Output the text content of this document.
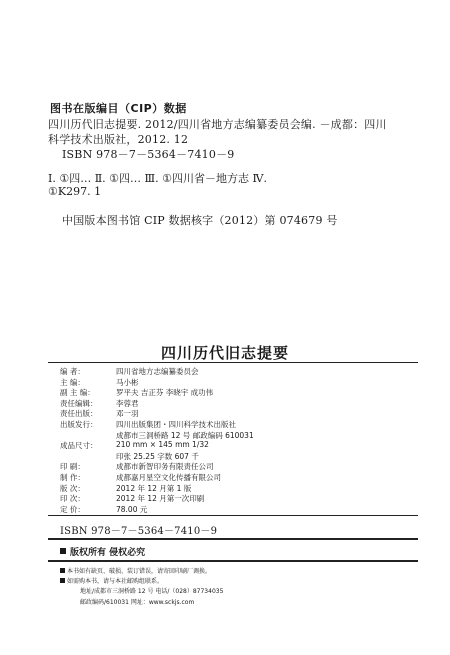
图书在版编目（CIP）数据
四川历代旧志提要. 2012/四川省地方志编纂委员会编. －成都：四川
科学技术出版社，2012. 12
ISBN 978－7－5364－7410－9
Ⅰ. ①四… Ⅱ. ①四… Ⅲ. ①四川省－地方志 Ⅳ.
①K297. 1
中国版本图书馆 CIP 数据核字（2012）第 074679 号
四川历代旧志提要
编 者：	四川省地方志编纂委员会
主 编：	马小彬
副 主 编：	罗平夫 吉正芬 李晓宇 成功伟
责任编辑： 李蓉君
责任出版： 邓一羽
出版发行： 四川出版集团・四川科学技术出版社
成都市三洞桥路 12 号 邮政编码 610031
成品尺寸： 210 mm × 145 mm 1/32
印张 25.25 字数 607 千
印 刷：	成都市新智印务有限责任公司
制 作：	成都嘉月星空文化传播有限公司
版 次：	2012 年 12 月第 1 版
印 次：	2012 年 12 月第一次印刷
定 价：	78.00 元
ISBN 978－7－5364－7410－9
版权所有 侵权必究
本书如有缺页、破损、装订错误，请寄回印刷厂调换。
如需购本书，请与本社邮购组联系。
地址/成都市三洞桥路 12 号 电话/（028）87734035
邮政编码/610031 网址：www.sckjs.com
